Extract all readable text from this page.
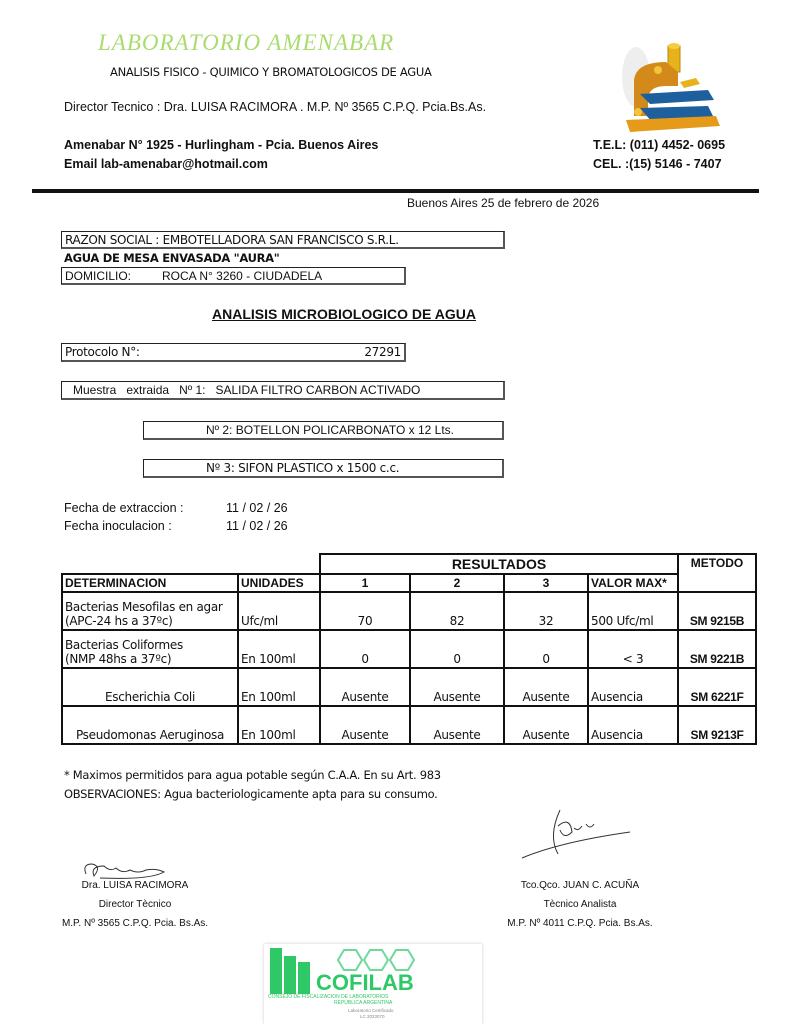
LABORATORIO AMENABAR
ANALISIS FISICO - QUIMICO Y BROMATOLOGICOS DE AGUA
Director Tecnico : Dra. LUISA RACIMORA . M.P. Nº 3565 C.P.Q. Pcia.Bs.As.
Amenabar N° 1925 - Hurlingham - Pcia. Buenos Aires
Email lab-amenabar@hotmail.com
T.E.L: (011) 4452- 0695
CEL. :(15) 5146 - 7407
Buenos Aires 25 de febrero de 2026
RAZON SOCIAL : EMBOTELLADORA SAN FRANCISCO S.R.L.
AGUA DE MESA ENVASADA "AURA"
DOMICILIO:	ROCA N° 3260 - CIUDADELA
ANALISIS MICROBIOLOGICO DE AGUA
Protocolo N°:	27291
Muestra extraida Nº 1: SALIDA FILTRO CARBON ACTIVADO
Nº 2: BOTELLON POLICARBONATO x 12 Lts.
Nº 3: SIFON PLASTICO x 1500 c.c.
Fecha de extraccion :	11 / 02 / 26
Fecha inoculacion :	11 / 02 / 26
		RESULTADOS				METODO
DETERMINACION	UNIDADES	1	2	3	VALOR MAX*	

Bacterias Mesofilas en agar
(APC-24 hs a 37ºc)	Ufc/ml	70	82	32	500 Ufc/ml	SM 9215B

Bacterias Coliformes
(NMP 48hs a 37ºc)	En 100ml	0	0	0	< 3	SM 9221B
Escherichia Coli	En 100ml	Ausente	Ausente	Ausente	Ausencia	SM 6221F
Pseudomonas Aeruginosa	En 100ml	Ausente	Ausente	Ausente	Ausencia	SM 9213F
* Maximos permitidos para agua potable según C.A.A. En su Art. 983
OBSERVACIONES: Agua bacteriologicamente apta para su consumo.
Dra. LUISA RACIMORA
Director Tècnico
M.P. Nº 3565 C.P.Q. Pcia. Bs.As.
Tco.Qco. JUAN C. ACUÑA
Tècnico Analista
M.P. Nº 4011 C.P.Q. Pcia. Bs.As.
COFILAB
CONSEJO DE FISCALIZACION DE LABORATORIOS
REPUBLICA ARGENTINA
Laboratorio Certificado
LC 2023070
